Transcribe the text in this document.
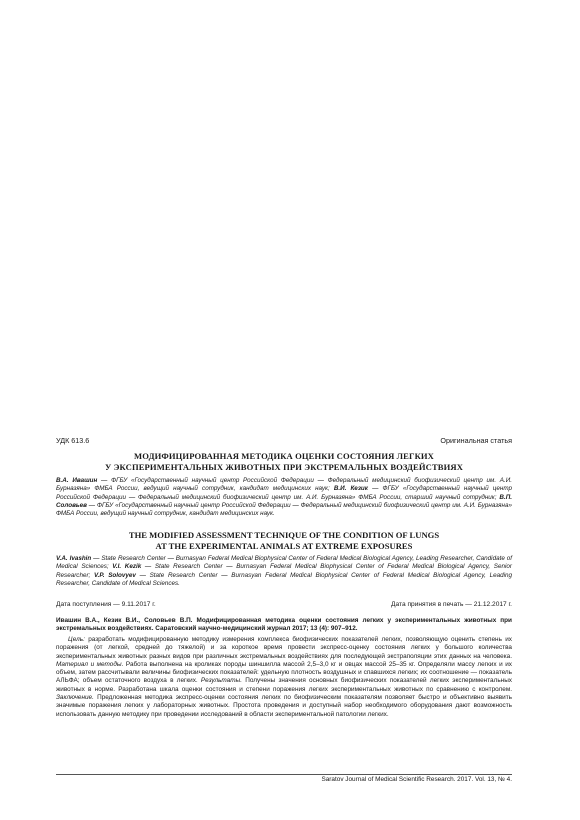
УДК 613.6	Оригинальная статья
МОДИФИЦИРОВАННАЯ МЕТОДИКА ОЦЕНКИ СОСТОЯНИЯ ЛЕГКИХ
У ЭКСПЕРИМЕНТАЛЬНЫХ ЖИВОТНЫХ ПРИ ЭКСТРЕМАЛЬНЫХ ВОЗДЕЙСТВИЯХ
В.А. Ивашин — ФГБУ «Государственный научный центр Российской Федерации — Федеральный медицинский биофизический центр им. А.И. Бурназяна» ФМБА России, ведущий научный сотрудник, кандидат медицинских наук; В.И. Кезик — ФГБУ «Государственный научный центр Российской Федерации — Федеральный медицинский биофизический центр им. А.И. Бурназяна» ФМБА России, старший научный сотрудник; В.П. Соловьев — ФГБУ «Государственный научный центр Российской Федерации — Федеральный медицинский биофизический центр им. А.И. Бурназяна» ФМБА России, ведущий научный сотрудник, кандидат медицинских наук.
THE MODIFIED ASSESSMENT TECHNIQUE OF THE CONDITION OF LUNGS
AT THE EXPERIMENTAL ANIMALS AT EXTREME EXPOSURES
V.A. Ivashin — State Research Center — Burnasyan Federal Medical Biophysical Center of Federal Medical Biological Agency, Leading Researcher, Candidate of Medical Sciences; V.I. Kezik — State Research Center — Burnasyan Federal Medical Biophysical Center of Federal Medical Biological Agency, Senior Researcher; V.P. Solovyev — State Research Center — Burnasyan Federal Medical Biophysical Center of Federal Medical Biological Agency, Leading Researcher, Candidate of Medical Sciences.
Дата поступления — 9.11.2017 г.	Дата принятия в печать — 21.12.2017 г.
Ивашин В.А., Кезик В.И., Соловьев В.П. Модифицированная методика оценки состояния легких у экспериментальных животных при экстремальных воздействиях. Саратовский научно-медицинский журнал 2017; 13 (4): 907–912.
Цель: разработать модифицированную методику измерения комплекса биофизических показателей легких, позволяющую оценить степень их поражения (от легкой, средней до тяжелой) и за короткое время провести экспресс-оценку состояния легких у большого количества экспериментальных животных разных видов при различных экстремальных воздействиях для последующей экстраполяции этих данных на человека. Материал и методы. Работа выполнена на кроликах породы шиншилла массой 2,5–3,0 кг и овцах массой 25–35 кг. Определяли массу легких и их объем, затем рассчитывали величины биофизических показателей: удельную плотность воздушных и спавшихся легких; их соотношение — показатель АЛЬФА; объем остаточного воздуха в легких. Результаты. Получены значения основных биофизических показателей легких экспериментальных животных в норме. Разработана шкала оценки состояния и степени поражения легких экспериментальных животных по сравнению с контролем. Заключение. Предложенная методика экспресс-оценки состояния легких по биофизическим показателям позволяет быстро и объективно выявить значимые поражения легких у лабораторных животных. Простота проведения и доступный набор необходимого оборудования дают возможность использовать данную методику при проведении исследований в области экспериментальной патологии легких.
Saratov Journal of Medical Scientific Research. 2017. Vol. 13, № 4.
